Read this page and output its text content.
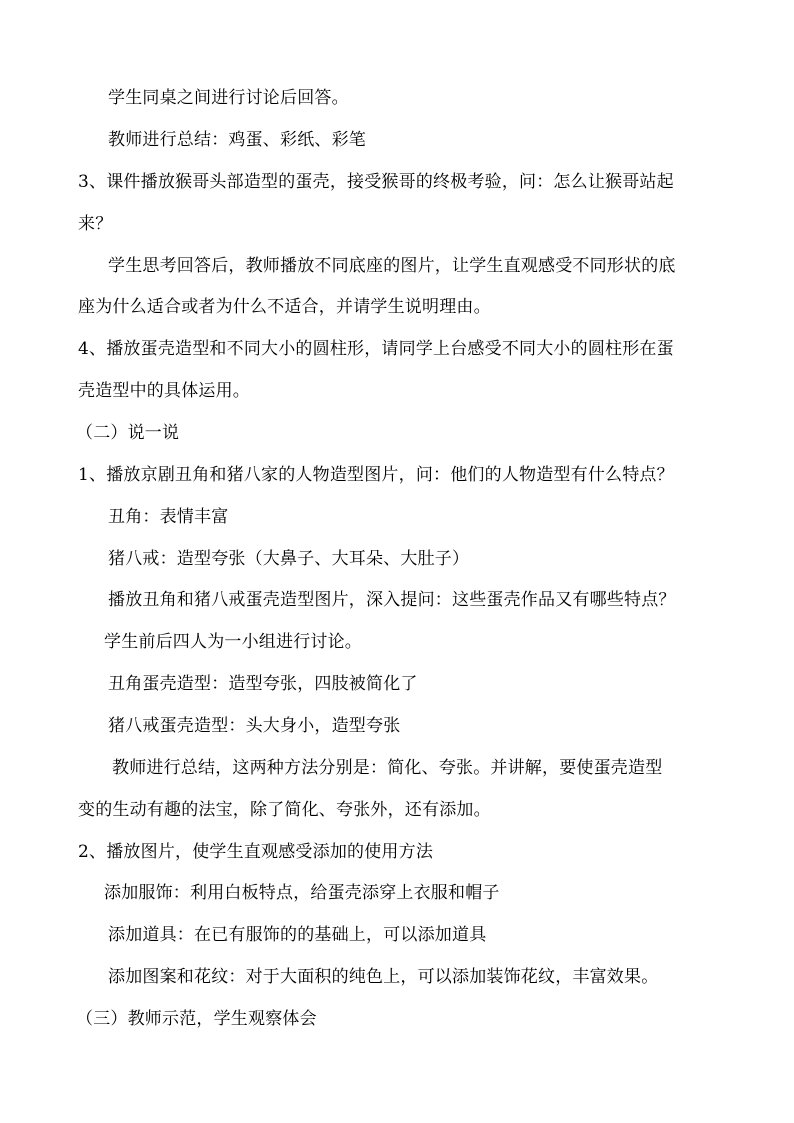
学生同桌之间进行讨论后回答。
教师进行总结：鸡蛋、彩纸、彩笔
3、课件播放猴哥头部造型的蛋壳，接受猴哥的终极考验，问：怎么让猴哥站起
来？
学生思考回答后，教师播放不同底座的图片，让学生直观感受不同形状的底
座为什么适合或者为什么不适合，并请学生说明理由。
4、播放蛋壳造型和不同大小的圆柱形，请同学上台感受不同大小的圆柱形在蛋
壳造型中的具体运用。
（二）说一说
1、播放京剧丑角和猪八家的人物造型图片，问：他们的人物造型有什么特点？
丑角：表情丰富
猪八戒：造型夸张（大鼻子、大耳朵、大肚子）
播放丑角和猪八戒蛋壳造型图片，深入提问：这些蛋壳作品又有哪些特点？
学生前后四人为一小组进行讨论。
丑角蛋壳造型：造型夸张，四肢被简化了
猪八戒蛋壳造型：头大身小，造型夸张
教师进行总结，这两种方法分别是：简化、夸张。并讲解，要使蛋壳造型
变的生动有趣的法宝，除了简化、夸张外，还有添加。
2、播放图片，使学生直观感受添加的使用方法
添加服饰：利用白板特点，给蛋壳添穿上衣服和帽子
添加道具：在已有服饰的的基础上，可以添加道具
添加图案和花纹：对于大面积的纯色上，可以添加装饰花纹，丰富效果。
（三）教师示范，学生观察体会
